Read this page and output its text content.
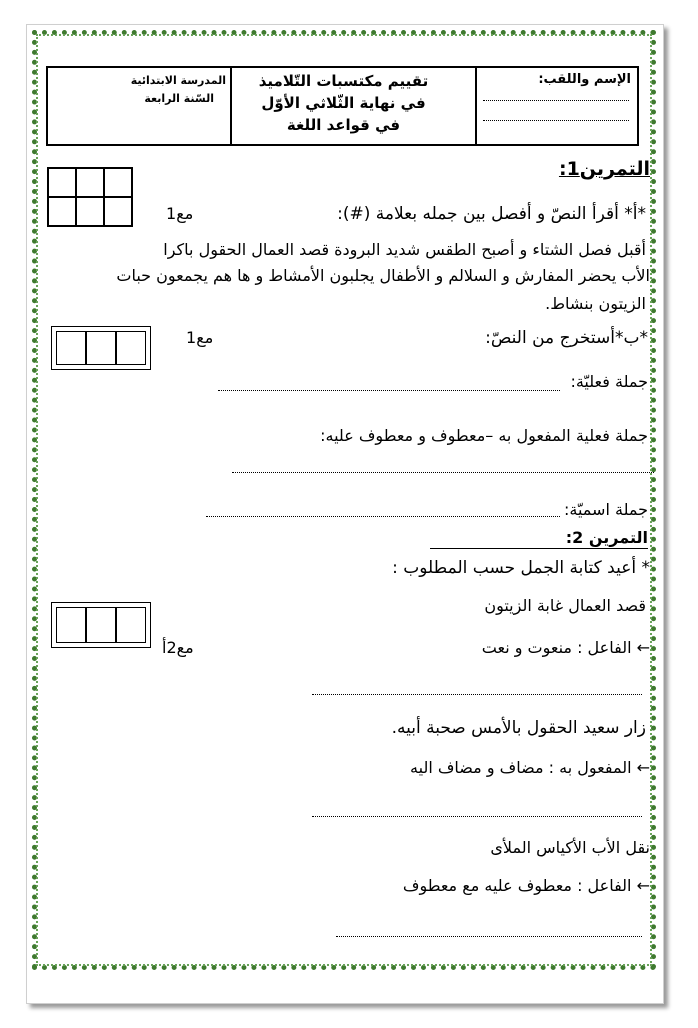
الإسم واللقب:
تقييم مكتسبات التّلاميذ
في نهاية الثّلاثي الأوّل
في قواعد اللغة
المدرسة الابتدائية
السّنة الرابعة
التمرين1:
مع1	*أ* أقرأ النصّ و أفصل بين جمله بعلامة (#):
أقبل فصل الشتاء و أصبح الطقس شديد البرودة قصد العمال الحقول باكرا
الأب يحضر المفارش و السلالم و الأطفال يجلبون الأمشاط و ها هم يجمعون حبات
الزيتون بنشاط.
مع1	*ب*أستخرج من النصّ:
جملة فعليّة:
جملة فعلية المفعول به –معطوف و معطوف عليه:
جملة اسميّة:
التمرين 2:
* أعيد كتابة الجمل حسب المطلوب :
مع2أ
قصد العمال غابة الزيتون
← الفاعل : منعوت و نعت
زار سعيد الحقول بالأمس صحبة أبيه.
← المفعول به : مضاف و مضاف اليه
نقل الأب الأكياس الملأى
← الفاعل : معطوف عليه مع معطوف
